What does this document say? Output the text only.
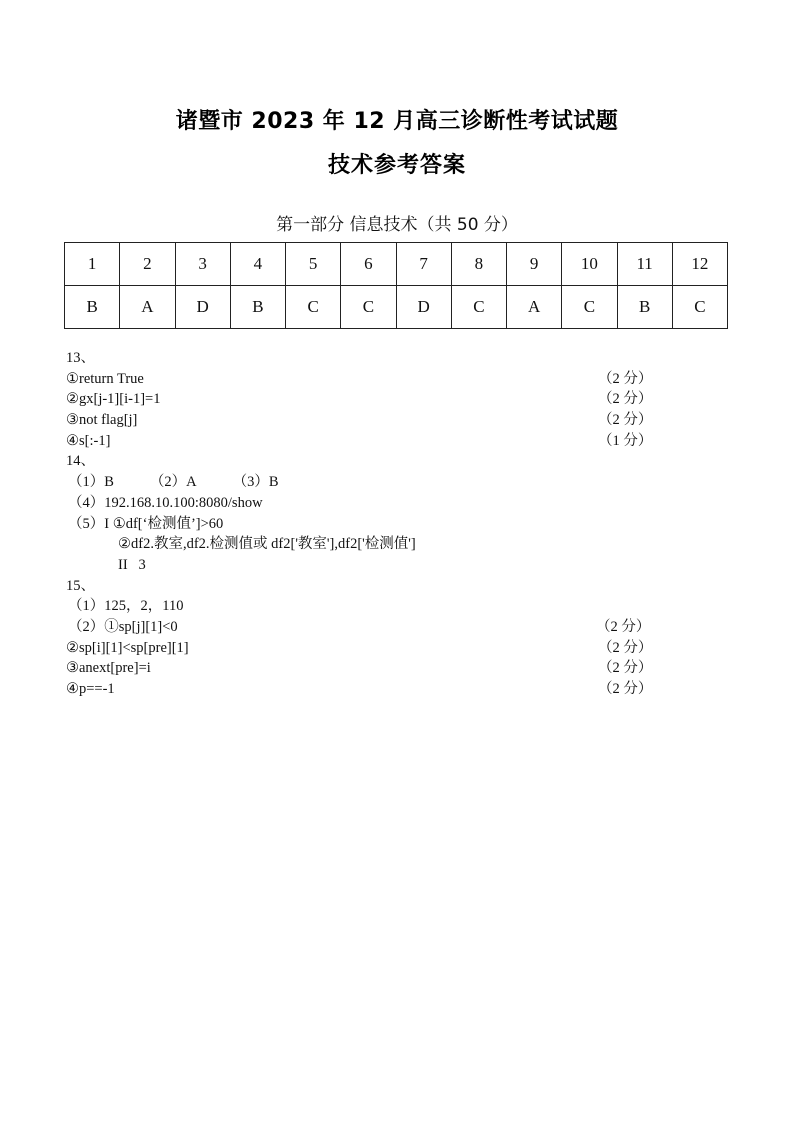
诸暨市 2023 年 12 月高三诊断性考试试题
技术参考答案
第一部分 信息技术（共 50 分）
1	2	3	4	5	6	7	8	9	10	11	12
B	A	D	B	C	C	D	C	A	C	B	C
13、
①return True	（2 分）
②gx[j-1][i-1]=1	（2 分）
③not flag[j]	（2 分）
④s[:-1]	（1 分）
14、
（1）B （2）A （3）B
（4）192.168.10.100:8080/show
（5）I ①df[‘检测值’]>60
②df2.教室,df2.检测值或 df2['教室'],df2['检测值']
II   3
15、
（1）125，2，110
（2）①sp[j][1]<0	（2 分）
②sp[i][1]<sp[pre][1]	（2 分）
③anext[pre]=i	（2 分）
④p==-1	（2 分）
